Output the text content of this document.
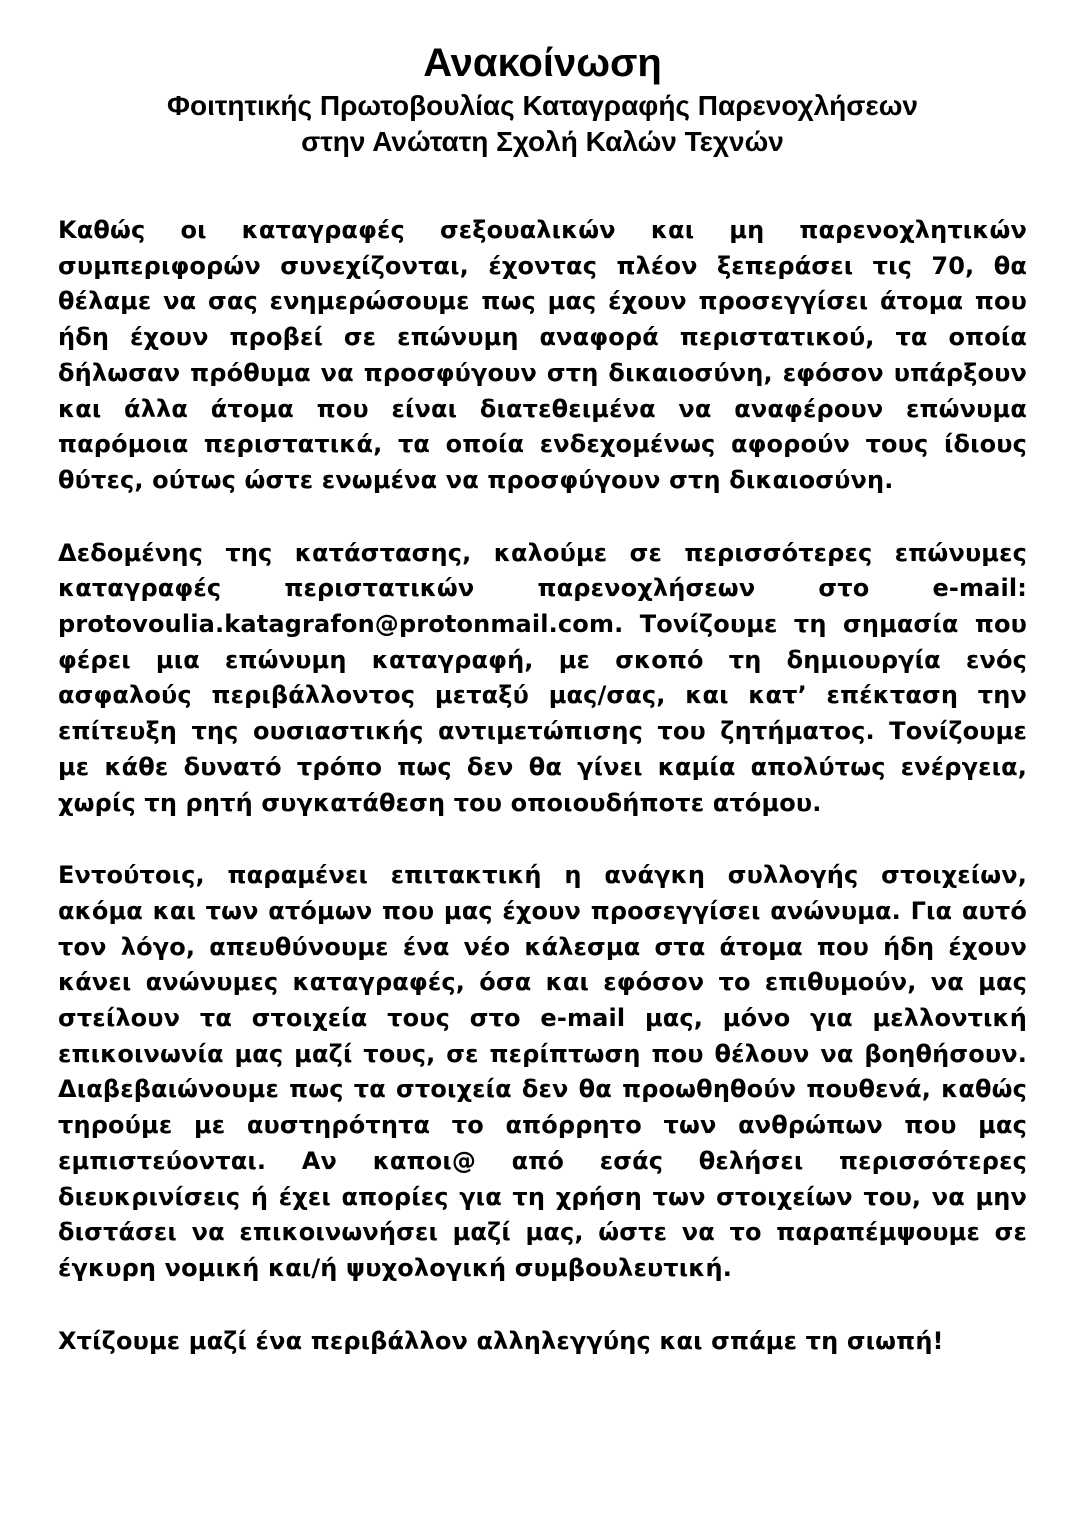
Ανακοίνωση
Φοιτητικής Πρωτοβουλίας Καταγραφής Παρενοχλήσεων
στην Ανώτατη Σχολή Καλών Τεχνών

Καθώς οι καταγραφές σεξουαλικών και μη παρενοχλητικών συμπεριφορών συνεχίζονται, έχοντας πλέον ξεπεράσει τις 70, θα θέλαμε να σας ενημερώσουμε πως μας έχουν προσεγγίσει άτομα που ήδη έχουν προβεί σε επώνυμη αναφορά περιστατικού, τα οποία δήλωσαν πρόθυμα να προσφύγουν στη δικαιοσύνη, εφόσον υπάρξουν και άλλα άτομα που είναι διατεθειμένα να αναφέρουν επώνυμα παρόμοια περιστατικά, τα οποία ενδεχομένως αφορούν τους ίδιους θύτες, ούτως ώστε ενωμένα να προσφύγουν στη δικαιοσύνη.

Δεδομένης της κατάστασης, καλούμε σε περισσότερες επώνυμες καταγραφές περιστατικών παρενοχλήσεων στο e-mail: protovoulia.katagrafon@protonmail.com. Τονίζουμε τη σημασία που φέρει μια επώνυμη καταγραφή, με σκοπό τη δημιουργία ενός ασφαλούς περιβάλλοντος μεταξύ μας/σας, και κατ’ επέκταση την επίτευξη της ουσιαστικής αντιμετώπισης του ζητήματος. Τονίζουμε με κάθε δυνατό τρόπο πως δεν θα γίνει καμία απολύτως ενέργεια, χωρίς τη ρητή συγκατάθεση του οποιουδήποτε ατόμου.

Εντούτοις, παραμένει επιτακτική η ανάγκη συλλογής στοιχείων, ακόμα και των ατόμων που μας έχουν προσεγγίσει ανώνυμα. Για αυτό τον λόγο, απευθύνουμε ένα νέο κάλεσμα στα άτομα που ήδη έχουν κάνει ανώνυμες καταγραφές, όσα και εφόσον το επιθυμούν, να μας στείλουν τα στοιχεία τους στο e-mail μας, μόνο για μελλοντική επικοινωνία μας μαζί τους, σε περίπτωση που θέλουν να βοηθήσουν. Διαβεβαιώνουμε πως τα στοιχεία δεν θα προωθηθούν πουθενά, καθώς τηρούμε με αυστηρότητα το απόρρητο των ανθρώπων που μας εμπιστεύονται. Αν καποι@ από εσάς θελήσει περισσότερες διευκρινίσεις ή έχει απορίες για τη χρήση των στοιχείων του, να μην διστάσει να επικοινωνήσει μαζί μας, ώστε να το παραπέμψουμε σε έγκυρη νομική και/ή ψυχολογική συμβουλευτική.

Χτίζουμε μαζί ένα περιβάλλον αλληλεγγύης και σπάμε τη σιωπή!
